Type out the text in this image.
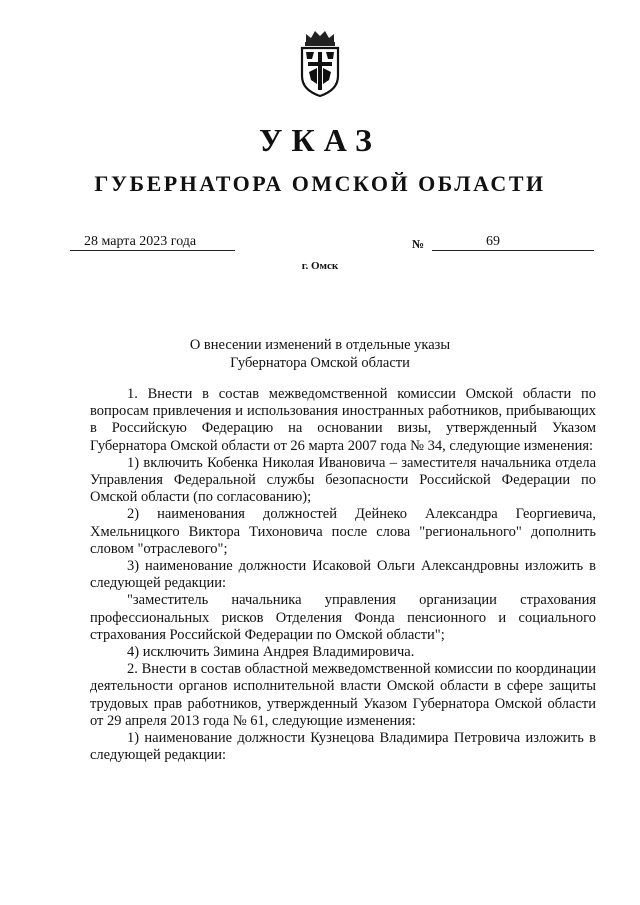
УКАЗ
ГУБЕРНАТОРА ОМСКОЙ ОБЛАСТИ
28 марта 2023 года	№	69
г. Омск
О внесении изменений в отдельные указы
Губернатора Омской области

1. Внести в состав межведомственной комиссии Омской области по вопросам привлечения и использования иностранных работников, прибывающих в Российскую Федерацию на основании визы, утвержденный Указом Губернатора Омской области от 26 марта 2007 года № 34, следующие изменения:

1) включить Кобенка Николая Ивановича – заместителя начальника отдела Управления Федеральной службы безопасности Российской Федерации по Омской области (по согласованию);

2) наименования должностей Дейнеко Александра Георгиевича, Хмельницкого Виктора Тихоновича после слова "регионального" дополнить словом "отраслевого";

3) наименование должности Исаковой Ольги Александровны изложить в следующей редакции:

"заместитель начальника управления организации страхования профессиональных рисков Отделения Фонда пенсионного и социального страхования Российской Федерации по Омской области";

4) исключить Зимина Андрея Владимировича.

2. Внести в состав областной межведомственной комиссии по координации деятельности органов исполнительной власти Омской области в сфере защиты трудовых прав работников, утвержденный Указом Губернатора Омской области от 29 апреля 2013 года № 61, следующие изменения:

1) наименование должности Кузнецова Владимира Петровича изложить в следующей редакции:
